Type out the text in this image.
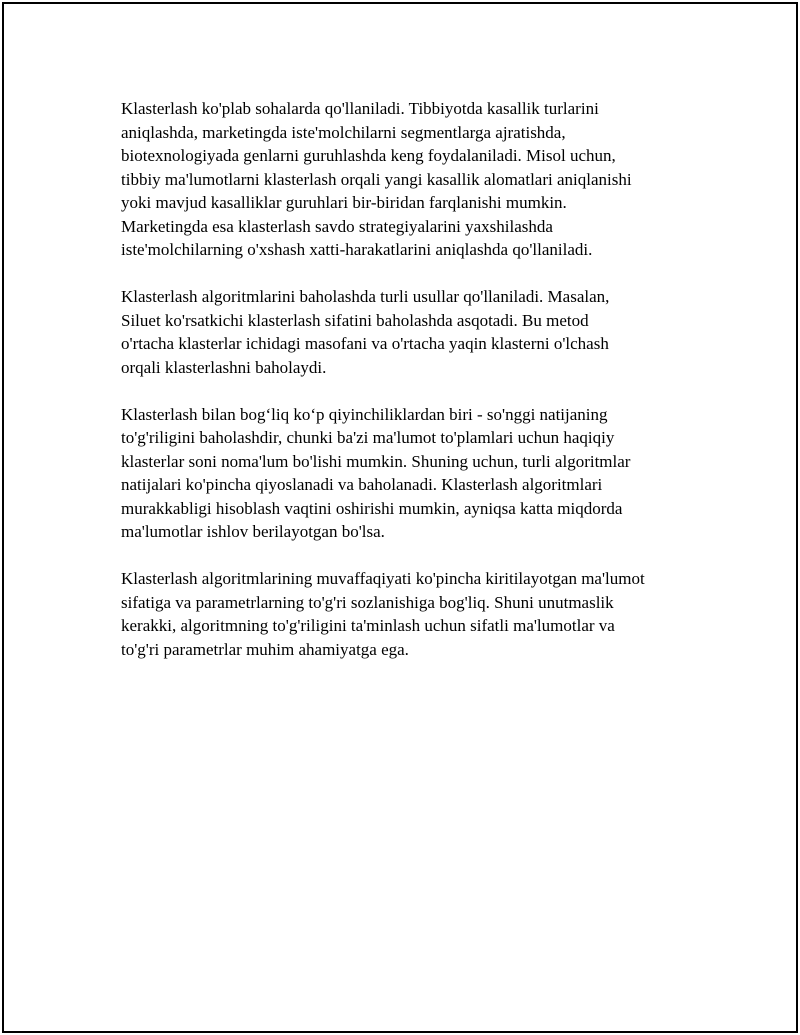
Klasterlash ko'plab sohalarda qo'llaniladi. Tibbiyotda kasallik turlarini
aniqlashda, marketingda iste'molchilarni segmentlarga ajratishda,
biotexnologiyada genlarni guruhlashda keng foydalaniladi. Misol uchun,
tibbiy ma'lumotlarni klasterlash orqali yangi kasallik alomatlari aniqlanishi
yoki mavjud kasalliklar guruhlari bir-biridan farqlanishi mumkin.
Marketingda esa klasterlash savdo strategiyalarini yaxshilashda
iste'molchilarning o'xshash xatti-harakatlarini aniqlashda qo'llaniladi.

Klasterlash algoritmlarini baholashda turli usullar qo'llaniladi. Masalan,
Siluet ko'rsatkichi klasterlash sifatini baholashda asqotadi. Bu metod
o'rtacha klasterlar ichidagi masofani va o'rtacha yaqin klasterni o'lchash
orqali klasterlashni baholaydi.

Klasterlash bilan bog‘liq ko‘p qiyinchiliklardan biri - so'nggi natijaning
to'g'riligini baholashdir, chunki ba'zi ma'lumot to'plamlari uchun haqiqiy
klasterlar soni noma'lum bo'lishi mumkin. Shuning uchun, turli algoritmlar
natijalari ko'pincha qiyoslanadi va baholanadi. Klasterlash algoritmlari
murakkabligi hisoblash vaqtini oshirishi mumkin, ayniqsa katta miqdorda
ma'lumotlar ishlov berilayotgan bo'lsa.

Klasterlash algoritmlarining muvaffaqiyati ko'pincha kiritilayotgan ma'lumot
sifatiga va parametrlarning to'g'ri sozlanishiga bog'liq. Shuni unutmaslik
kerakki, algoritmning to'g'riligini ta'minlash uchun sifatli ma'lumotlar va
to'g'ri parametrlar muhim ahamiyatga ega.
